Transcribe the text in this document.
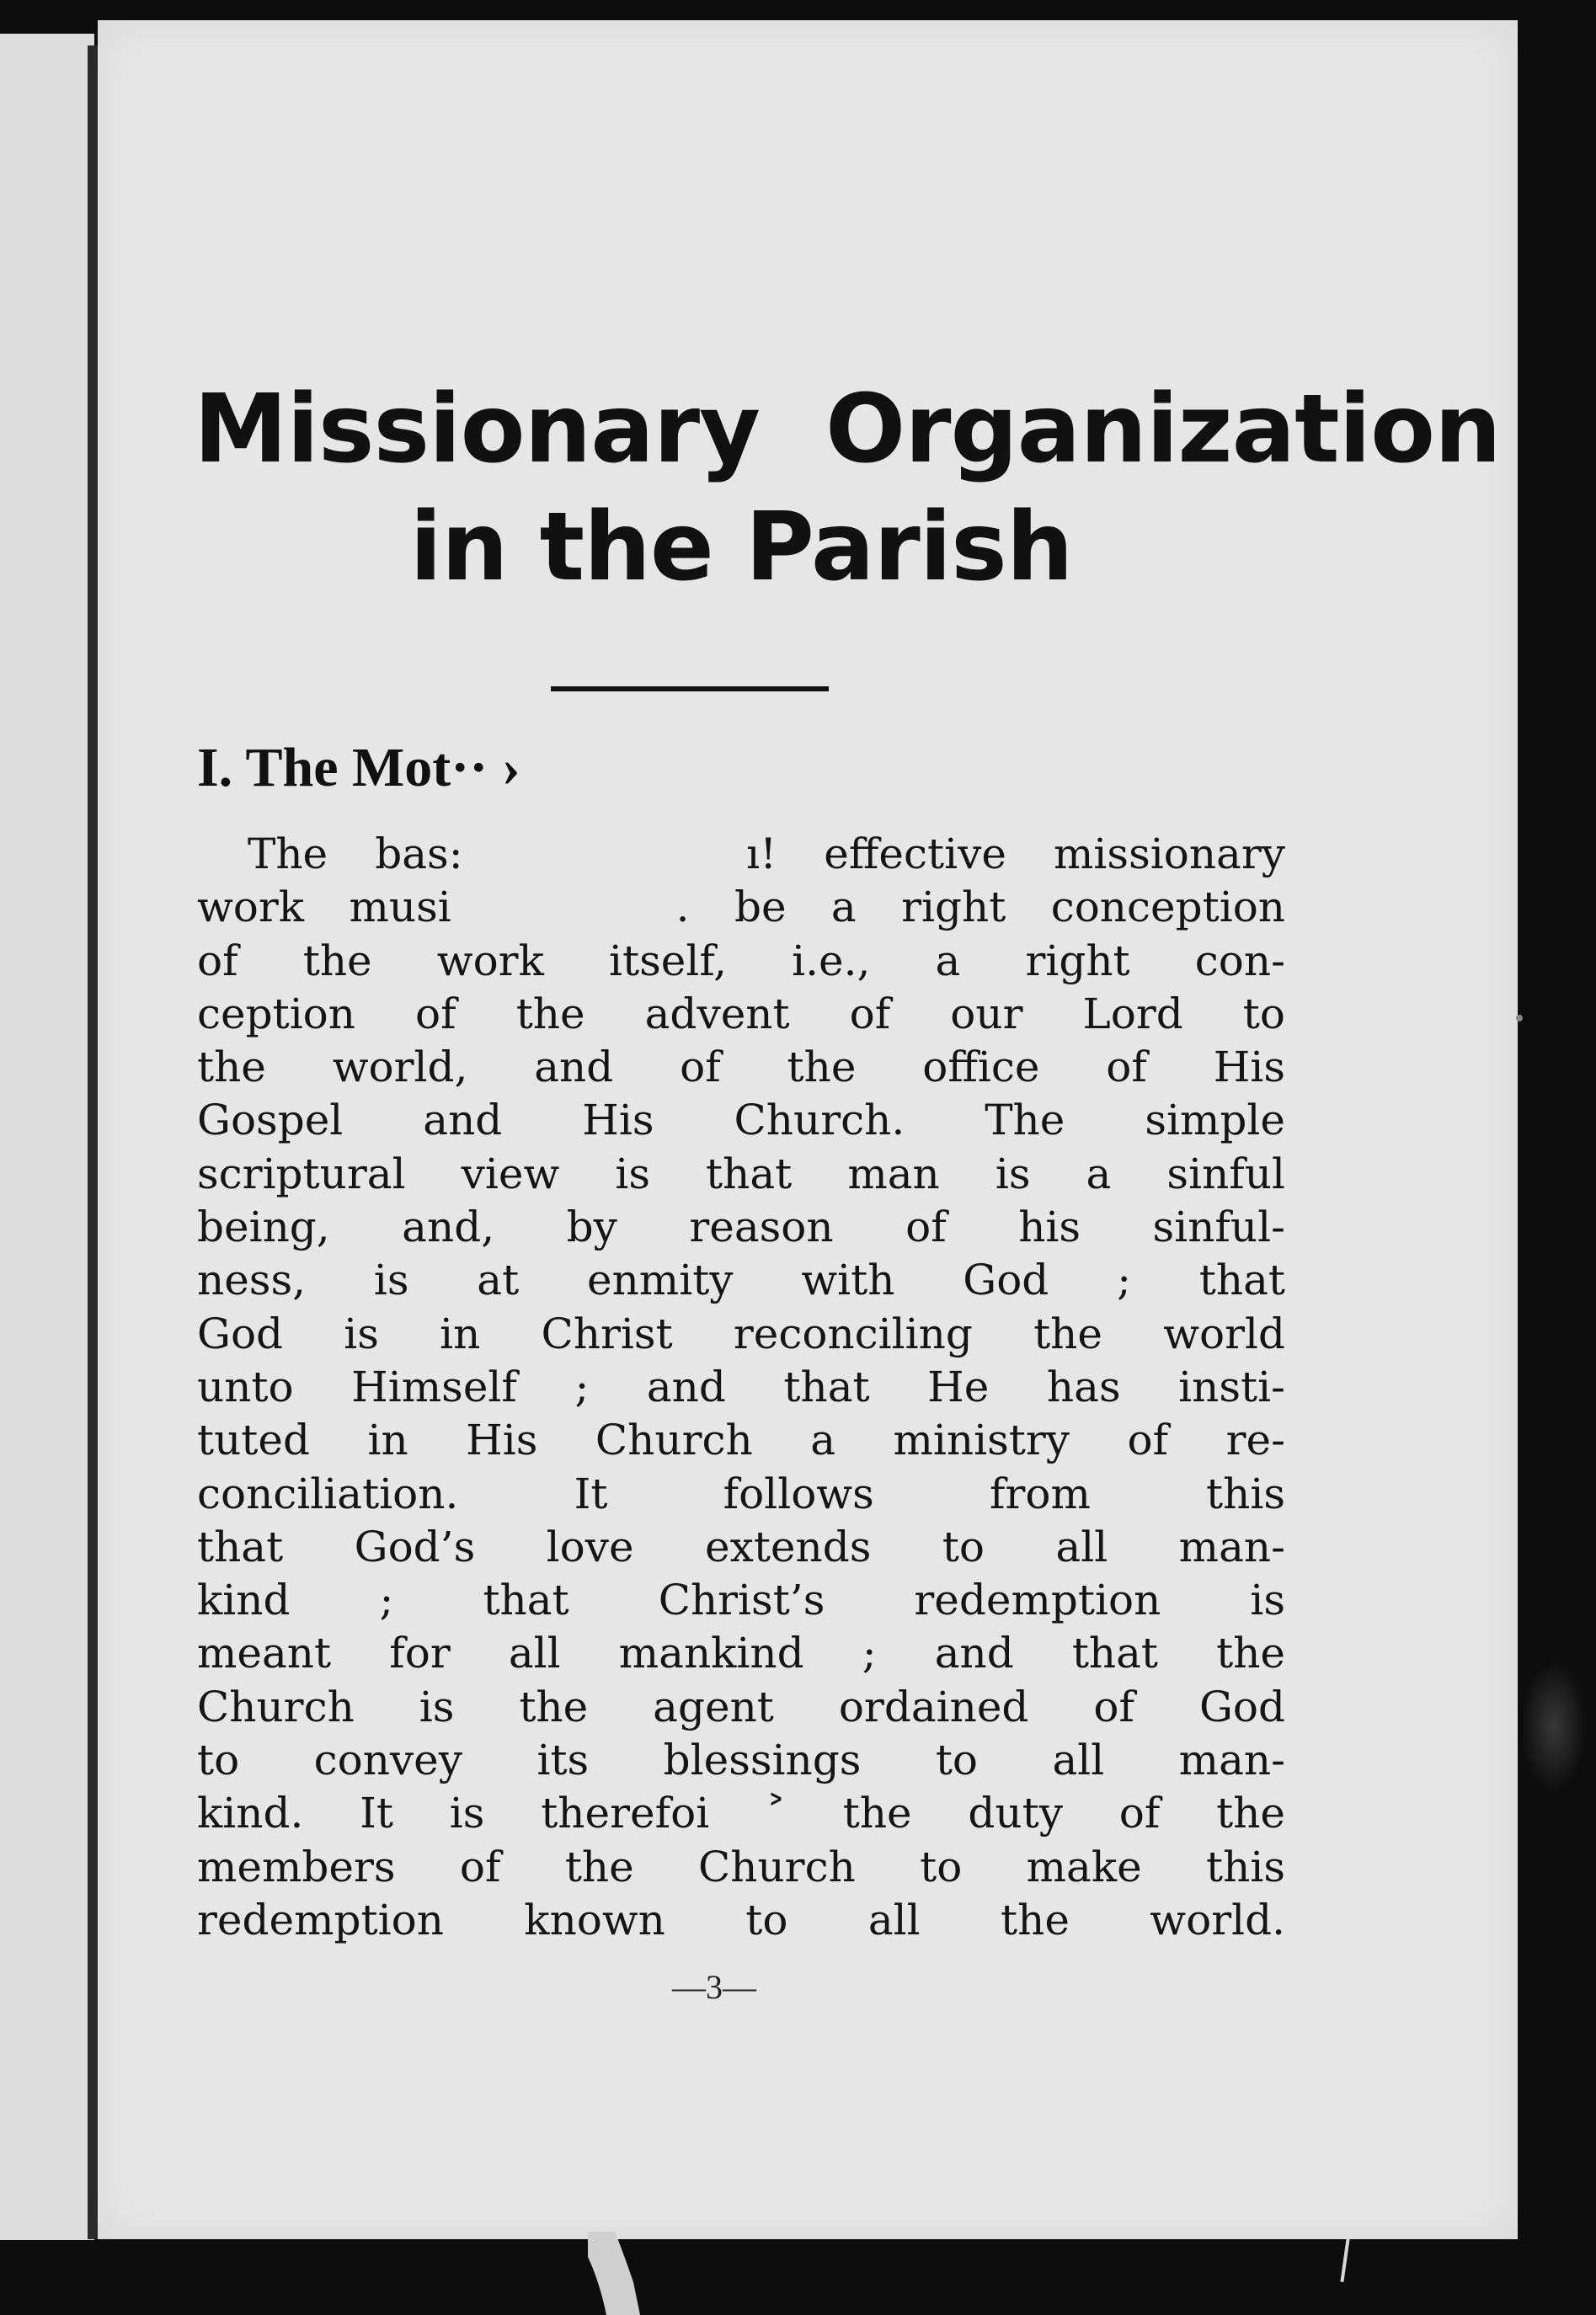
Missionary Organization
in the Parish
I. The Mot·· ›
The bas:      ı! effective missionary
work musi     . be a right conception
of the work itself, i.e., a right con-
ception of the advent of our Lord to
the world, and of the office of His
Gospel and His Church. The simple
scriptural view is that man is a sinful
being, and, by reason of his sinful-
ness, is at enmity with God ; that
God is in Christ reconciling the world
unto Himself ; and that He has insti-
tuted in His Church a ministry of re-
conciliation. It follows from this
that God’s love extends to all man-
kind ; that Christ’s redemption is
meant for all mankind ; and that the
Church is the agent ordained of God
to convey its blessings to all man-
kind. It is therefoi ˃ the duty of the
members of the Church to make this
redemption known to all the world.
—3—
